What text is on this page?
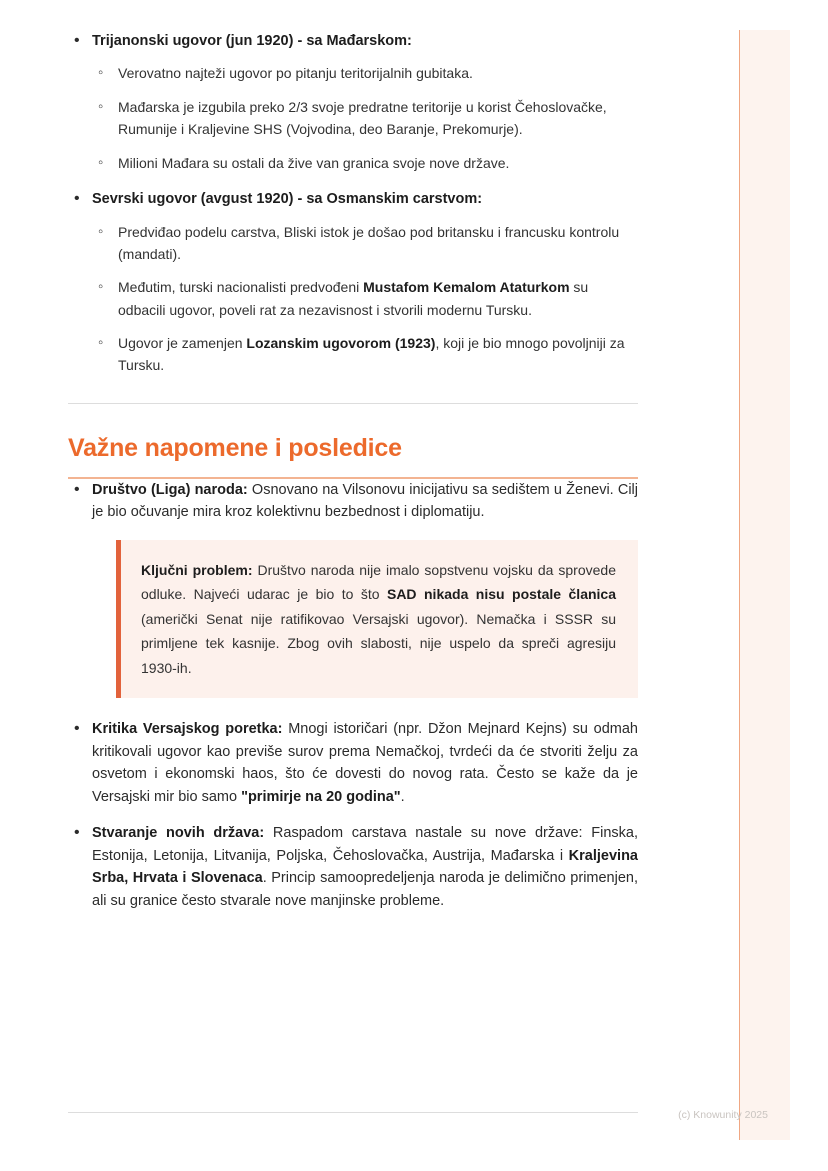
• Trijanonski ugovor (jun 1920) - sa Mađarskom:
◦ Verovatno najteži ugovor po pitanju teritorijalnih gubitaka.
◦ Mađarska je izgubila preko 2/3 svoje predratne teritorije u korist Čehoslovačke, Rumunije i Kraljevine SHS (Vojvodina, deo Baranje, Prekomurje).
◦ Milioni Mađara su ostali da žive van granica svoje nove države.
• Sevrski ugovor (avgust 1920) - sa Osmanskim carstvom:
◦ Predviđao podelu carstva, Bliski istok je došao pod britansku i francusku kontrolu (mandati).
◦ Međutim, turski nacionalisti predvođeni Mustafom Kemalom Ataturkom su odbacili ugovor, poveli rat za nezavisnost i stvorili modernu Tursku.
◦ Ugovor je zamenjen Lozanskim ugovorom (1923), koji je bio mnogo povoljniji za Tursku.
Važne napomene i posledice
• Društvo (Liga) naroda: Osnovano na Vilsonovu inicijativu sa sedištem u Ženevi. Cilj je bio očuvanje mira kroz kolektivnu bezbednost i diplomatiju.
Ključni problem: Društvo naroda nije imalo sopstvenu vojsku da sprovede odluke. Najveći udarac je bio to što SAD nikada nisu postale članica (američki Senat nije ratifikovao Versajski ugovor). Nemačka i SSSR su primljene tek kasnije. Zbog ovih slabosti, nije uspelo da spreči agresiju 1930-ih.
• Kritika Versajskog poretka: Mnogi istoričari (npr. Džon Mejnard Kejns) su odmah kritikovali ugovor kao previše surov prema Nemačkoj, tvrdeći da će stvoriti želju za osvetom i ekonomski haos, što će dovesti do novog rata. Često se kaže da je Versajski mir bio samo "primirje na 20 godina".
• Stvaranje novih država: Raspadom carstava nastale su nove države: Finska, Estonija, Letonija, Litvanija, Poljska, Čehoslovačka, Austrija, Mađarska i Kraljevina Srba, Hrvata i Slovenaca. Princip samoopredeljenja naroda je delimično primenjen, ali su granice često stvarale nove manjinske probleme.
(c) Knowunity 2025
